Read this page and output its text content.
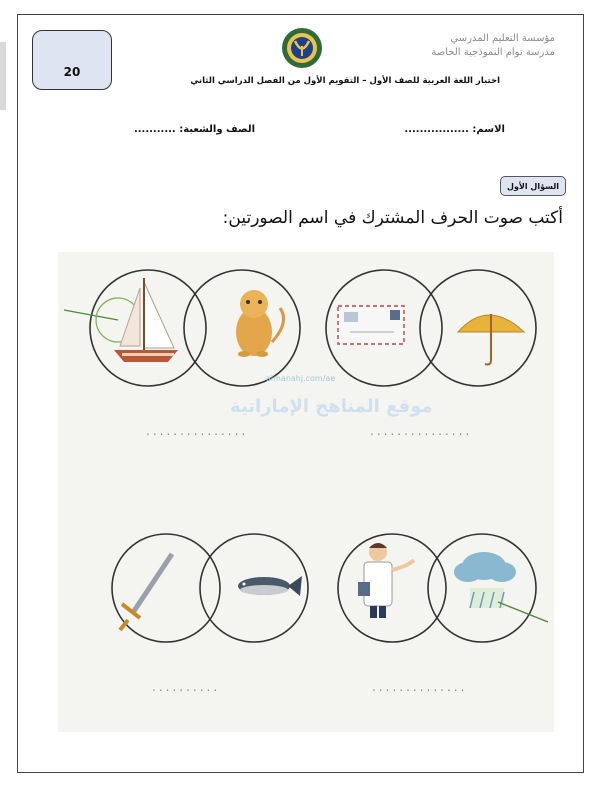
20
مؤسسة التعليم المدرسي
مدرسة توام النموذجية الخاصة
اختبار اللغة العربية للصف الأول – التقويم الأول من الفصل الدراسي الثاني
الاسم: .................
الصف والشعبة: ...........
السؤال الأول
أكتب صوت الحرف المشترك في اسم الصورتين:
almanahj.com/ae
موقع المناهج الإماراتية
...............	...............
..........	..............
